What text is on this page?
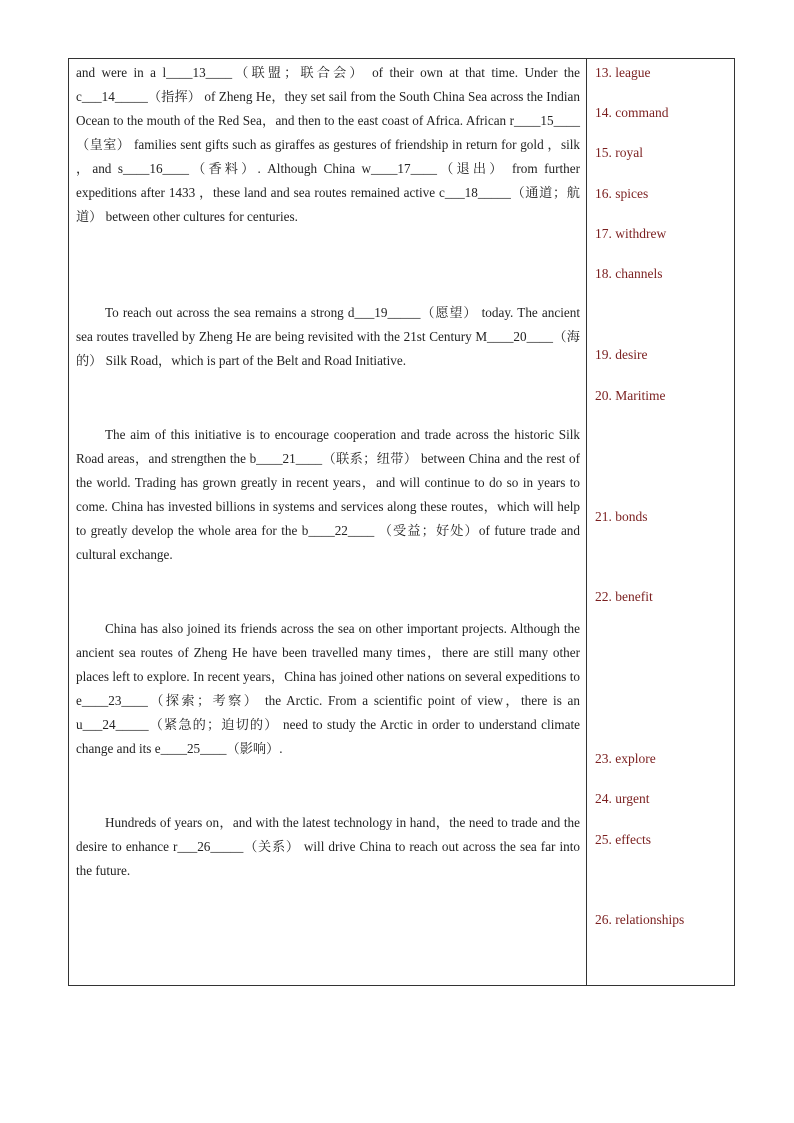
and were in a l____13____（联盟；联合会） of their own at that time. Under the c___14_____（指挥） of Zheng He，they set sail from the South China Sea across the Indian Ocean to the mouth of the Red Sea，and then to the east coast of Africa. African r____15____（皇室） families sent gifts such as giraffes as gestures of friendship in return for gold ，silk ，and s____16____（香料）. Although China w____17____（退出） from further expeditions after 1433 ，these land and sea routes remained active c___18_____（通道；航道） between other cultures for centuries.

To reach out across the sea remains a strong d___19_____（愿望） today. The ancient sea routes travelled by Zheng He are being revisited with the 21st Century M____20____（海的） Silk Road，which is part of the Belt and Road Initiative.

The aim of this initiative is to encourage cooperation and trade across the historic Silk Road areas，and strengthen the b____21____（联系；纽带） between China and the rest of the world. Trading has grown greatly in recent years，and will continue to do so in years to come. China has invested billions in systems and services along these routes，which will help to greatly develop the whole area for the b____22____ （受益；好处）of future trade and cultural exchange.

China has also joined its friends across the sea on other important projects. Although the ancient sea routes of Zheng He have been travelled many times，there are still many other places left to explore. In recent years，China has joined other nations on several expeditions to e____23____（探索；考察） the Arctic. From a scientific point of view，there is an u___24_____（紧急的；迫切的） need to study the Arctic in order to understand climate change and its e____25____（影响）.

Hundreds of years on，and with the latest technology in hand，the need to trade and the desire to enhance r___26_____（关系） will drive China to reach out across the sea far into the future.

13. league
14. command
15. royal
16. spices
17. withdrew
18. channels
19. desire
20. Maritime
21. bonds
22. benefit
23. explore
24. urgent
25. effects
26. relationships
